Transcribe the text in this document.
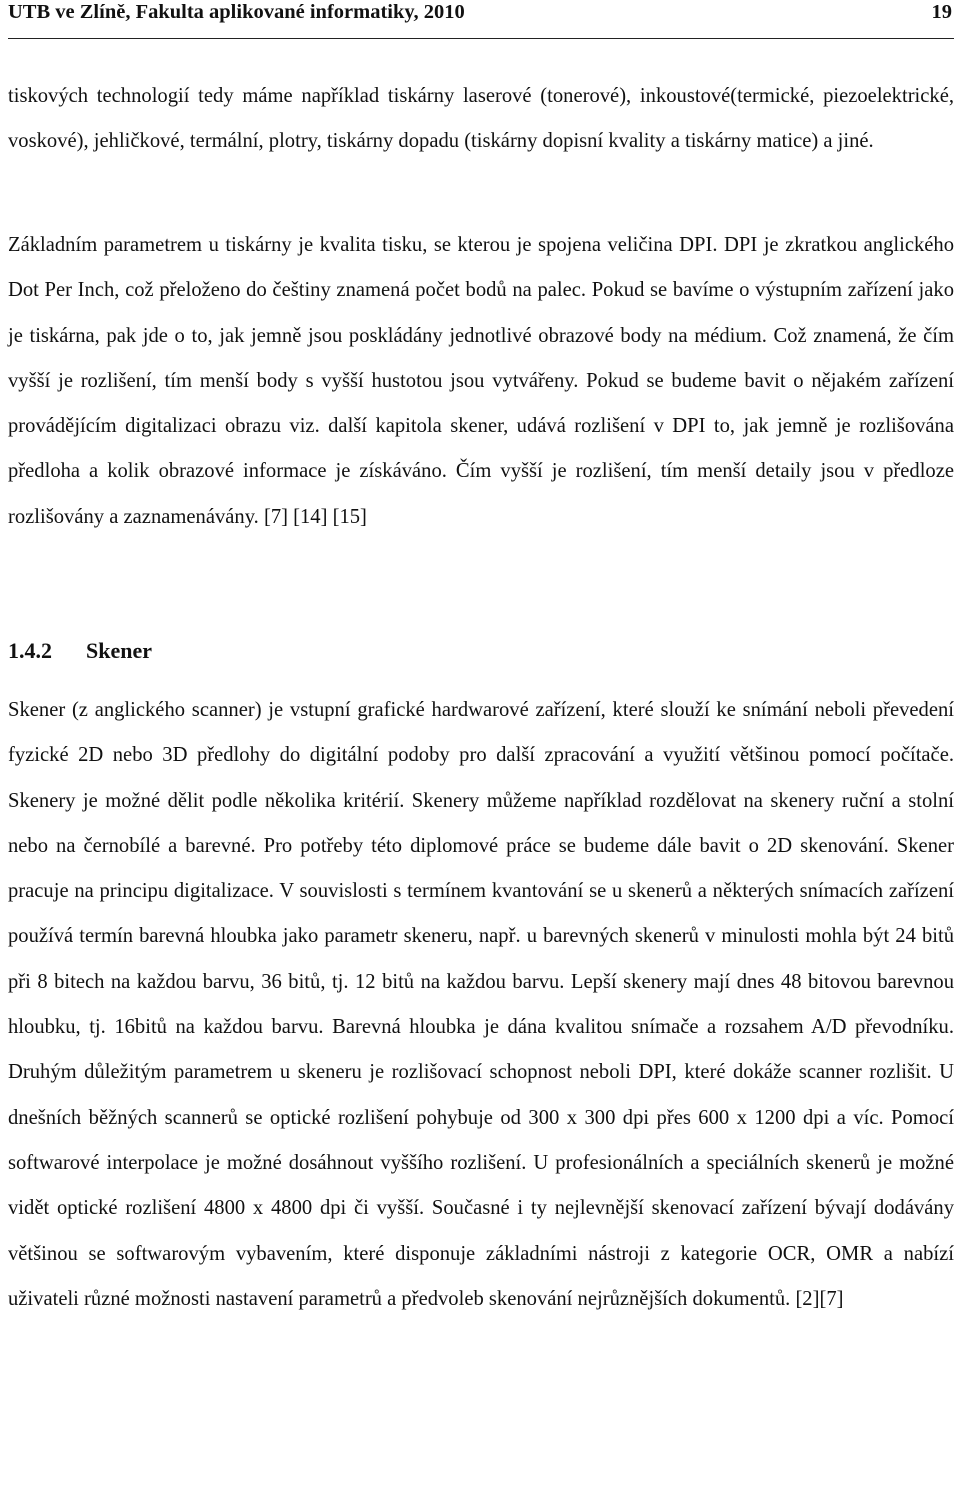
UTB ve Zlíně, Fakulta aplikované informatiky, 2010	19

tiskových technologií tedy máme například tiskárny laserové (tonerové), inkoustové(termické, piezoelektrické, voskové), jehličkové, termální, plotry, tiskárny dopadu (tiskárny dopisní kvality a tiskárny matice) a jiné.

Základním parametrem u tiskárny je kvalita tisku, se kterou je spojena veličina DPI. DPI je zkratkou anglického Dot Per Inch, což přeloženo do češtiny znamená počet bodů na palec. Pokud se bavíme o výstupním zařízení jako je tiskárna, pak jde o to, jak jemně jsou poskládány jednotlivé obrazové body na médium. Což znamená, že čím vyšší je rozlišení, tím menší body s vyšší hustotou jsou vytvářeny. Pokud se budeme bavit o nějakém zařízení provádějícím digitalizaci obrazu viz. další kapitola skener, udává rozlišení v DPI to, jak jemně je rozlišována předloha a kolik obrazové informace je získáváno. Čím vyšší je rozlišení, tím menší detaily jsou v předloze rozlišovány a zaznamenávány. [7] [14] [15]

1.4.2 Skener

Skener (z anglického scanner) je vstupní grafické hardwarové zařízení, které slouží ke snímání neboli převedení fyzické 2D nebo 3D předlohy do digitální podoby pro další zpracování a využití většinou pomocí počítače. Skenery je možné dělit podle několika kritérií. Skenery můžeme například rozdělovat na skenery ruční a stolní nebo na černobílé a barevné. Pro potřeby této diplomové práce se budeme dále bavit o 2D skenování. Skener pracuje na principu digitalizace. V souvislosti s termínem kvantování se u skenerů a některých snímacích zařízení používá termín barevná hloubka jako parametr skeneru, např. u barevných skenerů v minulosti mohla být 24 bitů při 8 bitech na každou barvu, 36 bitů, tj. 12 bitů na každou barvu. Lepší skenery mají dnes 48 bitovou barevnou hloubku, tj. 16bitů na každou barvu. Barevná hloubka je dána kvalitou snímače a rozsahem A/D převodníku. Druhým důležitým parametrem u skeneru je rozlišovací schopnost neboli DPI, které dokáže scanner rozlišit. U dnešních běžných scannerů se optické rozlišení pohybuje od 300 x 300 dpi přes 600 x 1200 dpi a víc. Pomocí softwarové interpolace je možné dosáhnout vyššího rozlišení. U profesionálních a speciálních skenerů je možné vidět optické rozlišení 4800 x 4800 dpi či vyšší. Současné i ty nejlevnější skenovací zařízení bývají dodávány většinou se softwarovým vybavením, které disponuje základními nástroji z kategorie OCR, OMR a nabízí uživateli různé možnosti nastavení parametrů a předvoleb skenování nejrůznějších dokumentů. [2][7]
